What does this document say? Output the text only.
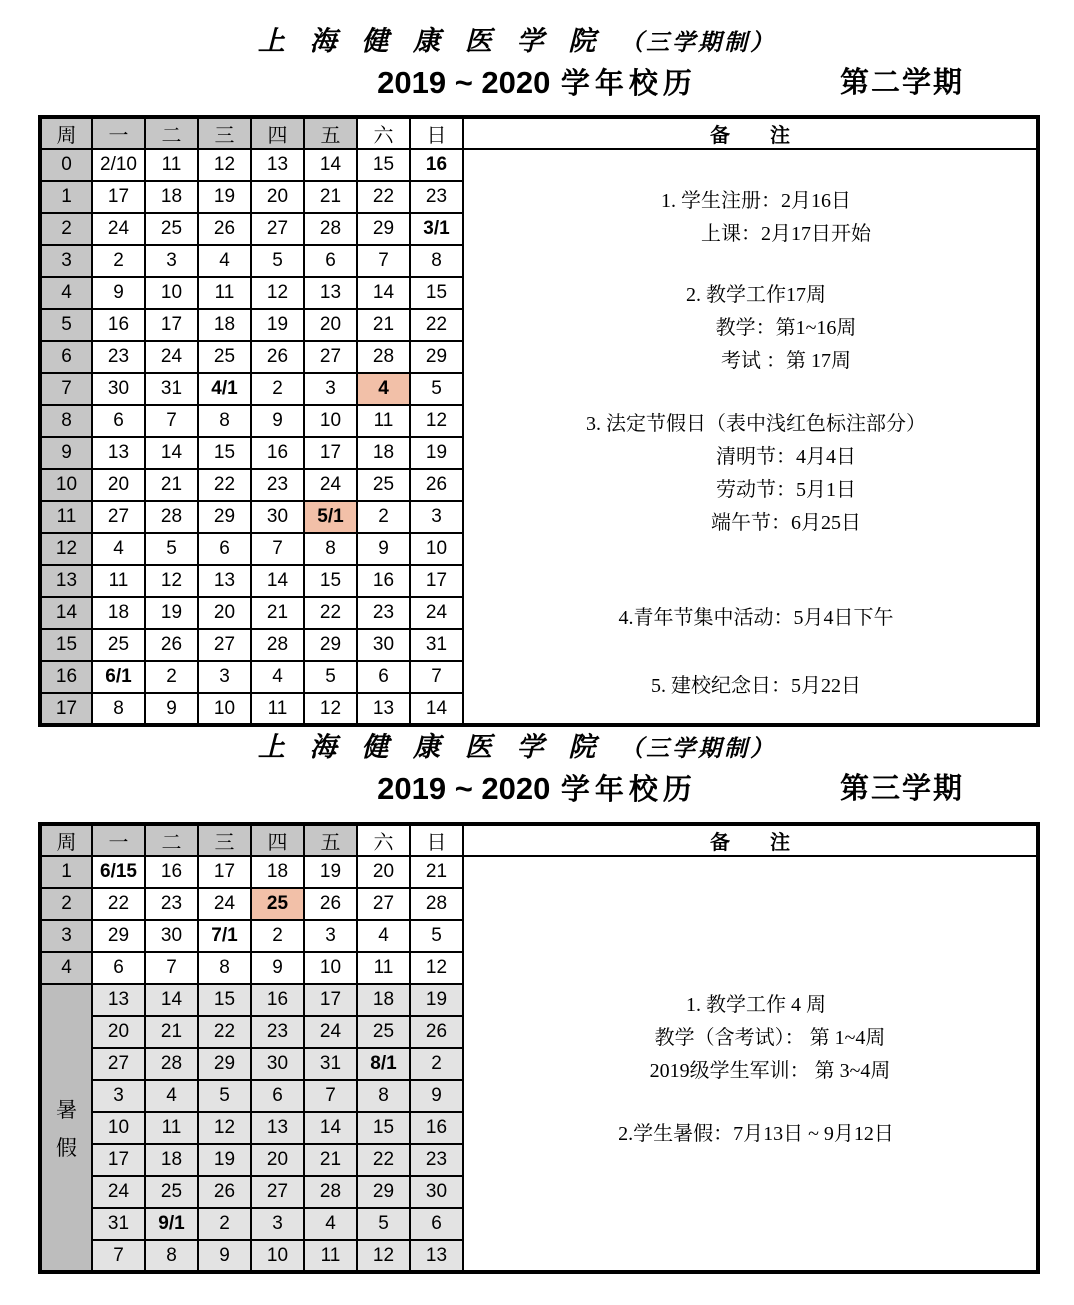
上 海 健 康 医 学 院 （三学期制）
2019 ~ 2020 学年校历	第二学期
周	一	二	三	四	五	六	日	备　　注
0	2/10	11	12	13	14	15	16	
1. 学生注册：2月16日
上课：2月17日开始
2. 教学工作17周
教学：第1~16周
考试 ：第 17周
3. 法定节假日（表中浅红色标注部分）
清明节：4月4日
劳动节：5月1日
端午节：6月25日
4.青年节集中活动：5月4日下午
5. 建校纪念日：5月22日

1	17	18	19	20	21	22	23	
2	24	25	26	27	28	29	3/1	
3	2	3	4	5	6	7	8	
4	9	10	11	12	13	14	15	
5	16	17	18	19	20	21	22	
6	23	24	25	26	27	28	29	
7	30	31	4/1	2	3	4	5	
8	6	7	8	9	10	11	12	
9	13	14	15	16	17	18	19	
10	20	21	22	23	24	25	26	
11	27	28	29	30	5/1	2	3	
12	4	5	6	7	8	9	10	
13	11	12	13	14	15	16	17	
14	18	19	20	21	22	23	24	
15	25	26	27	28	29	30	31	
16	6/1	2	3	4	5	6	7	
17	8	9	10	11	12	13	14	
上 海 健 康 医 学 院 （三学期制）
2019 ~ 2020 学年校历	第三学期
周	一	二	三	四	五	六	日	备　　注
1	6/15	16	17	18	19	20	21	1. 教学工作 4 周
教学（含考试）： 第 1~4周
2019级学生军训： 第 3~4周
2.学生暑假：7月13日 ~ 9月12日

2	22	23	24	25	26	27	28	
3	29	30	7/1	2	3	4	5	
4	6	7	8	9	10	11	12	

暑
假	13	14	15	16	17	18	19	
	20	21	22	23	24	25	26	
	27	28	29	30	31	8/1	2	
	3	4	5	6	7	8	9	
	10	11	12	13	14	15	16	
	17	18	19	20	21	22	23	
	24	25	26	27	28	29	30	
	31	9/1	2	3	4	5	6	
	7	8	9	10	11	12	13	
